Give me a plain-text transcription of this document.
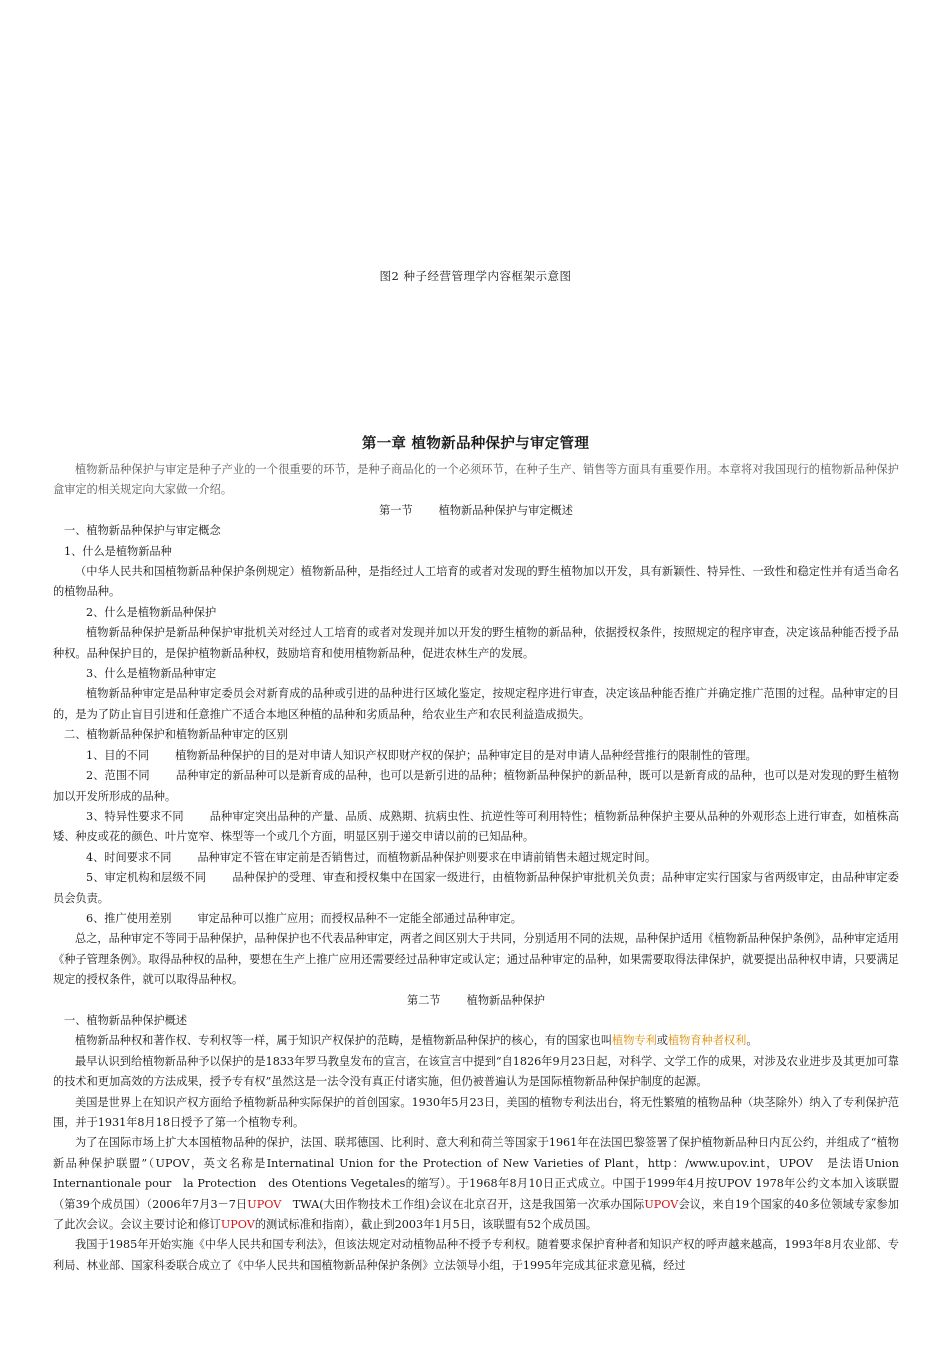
图2 种子经营管理学内容框架示意图
第一章 植物新品种保护与审定管理

植物新品种保护与审定是种子产业的一个很重要的环节，是种子商品化的一个必须环节，在种子生产、销售等方面具有重要作用。本章将对我国现行的植物新品种保护盒审定的相关规定向大家做一介绍。

第一节 植物新品种保护与审定概述

一、植物新品种保护与审定概念

1、什么是植物新品种

（中华人民共和国植物新品种保护条例规定）植物新品种，是指经过人工培育的或者对发现的野生植物加以开发，具有新颖性、特异性、一致性和稳定性并有适当命名的植物品种。

2、什么是植物新品种保护

植物新品种保护是新品种保护审批机关对经过人工培育的或者对发现并加以开发的野生植物的新品种，依据授权条件，按照规定的程序审查，决定该品种能否授予品种权。品种保护目的，是保护植物新品种权，鼓励培育和使用植物新品种，促进农林生产的发展。

3、什么是植物新品种审定

植物新品种审定是品种审定委员会对新育成的品种或引进的品种进行区域化鉴定，按规定程序进行审查，决定该品种能否推广并确定推广范围的过程。品种审定的目的，是为了防止盲目引进和任意推广不适合本地区种植的品种和劣质品种，给农业生产和农民利益造成损失。

二、植物新品种保护和植物新品种审定的区别

1、目的不同 植物新品种保护的目的是对申请人知识产权即财产权的保护；品种审定目的是对申请人品种经营推行的限制性的管理。

2、范围不同 品种审定的新品种可以是新育成的品种，也可以是新引进的品种；植物新品种保护的新品种，既可以是新育成的品种，也可以是对发现的野生植物加以开发所形成的品种。

3、特异性要求不同 品种审定突出品种的产量、品质、成熟期、抗病虫性、抗逆性等可利用特性；植物新品种保护主要从品种的外观形态上进行审查，如植株高矮、种皮或花的颜色、叶片宽窄、株型等一个或几个方面，明显区别于递交申请以前的已知品种。

4、时间要求不同 品种审定不管在审定前是否销售过，而植物新品种保护则要求在申请前销售未超过规定时间。

5、审定机构和层级不同 品种保护的受理、审查和授权集中在国家一级进行，由植物新品种保护审批机关负责；品种审定实行国家与省两级审定，由品种审定委员会负责。

6、推广使用差别 审定品种可以推广应用；而授权品种不一定能全部通过品种审定。

总之，品种审定不等同于品种保护，品种保护也不代表品种审定，两者之间区别大于共同，分别适用不同的法规，品种保护适用《植物新品种保护条例》，品种审定适用《种子管理条例》。取得品种权的品种，要想在生产上推广应用还需要经过品种审定或认定；通过品种审定的品种，如果需要取得法律保护，就要提出品种权申请，只要满足规定的授权条件，就可以取得品种权。

第二节 植物新品种保护

一、植物新品种保护概述

植物新品种权和著作权、专利权等一样，属于知识产权保护的范畴，是植物新品种保护的核心，有的国家也叫植物专利或植物育种者权利。

最早认识到给植物新品种予以保护的是1833年罗马教皇发布的宣言，在该宣言中提到“自1826年9月23日起，对科学、文学工作的成果，对涉及农业进步及其更加可靠的技术和更加高效的方法成果，授予专有权”虽然这是一法令没有真正付诸实施，但仍被普遍认为是国际植物新品种保护制度的起源。

美国是世界上在知识产权方面给予植物新品种实际保护的首创国家。1930年5月23日，美国的植物专利法出台，将无性繁殖的植物品种（块茎除外）纳入了专利保护范围，并于1931年8月18日授予了第一个植物专利。

为了在国际市场上扩大本国植物品种的保护，法国、联邦德国、比利时、意大利和荷兰等国家于1961年在法国巴黎签署了保护植物新品种日内瓦公约，并组成了“植物新品种保护联盟”（UPOV，英文名称是Internatinal Union for the Protection of New Varieties of Plant，http：/www.upov.int，UPOV　是法语Union Internantionale pour　la Protection　des Otentions Vegetales的缩写）。于1968年8月10日正式成立。中国于1999年4月按UPOV 1978年公约文本加入该联盟（第39个成员国）（2006年7月3－7日UPOV　TWA(大田作物技术工作组)会议在北京召开，这是我国第一次承办国际UPOV会议，来自19个国家的40多位领域专家参加了此次会议。会议主要讨论和修订UPOV的测试标准和指南），截止到2003年1月5日，该联盟有52个成员国。

我国于1985年开始实施《中华人民共和国专利法》，但该法规定对动植物品种不授予专利权。随着要求保护育种者和知识产权的呼声越来越高，1993年8月农业部、专利局、林业部、国家科委联合成立了《中华人民共和国植物新品种保护条例》立法领导小组，于1995年完成其征求意见稿，经过
